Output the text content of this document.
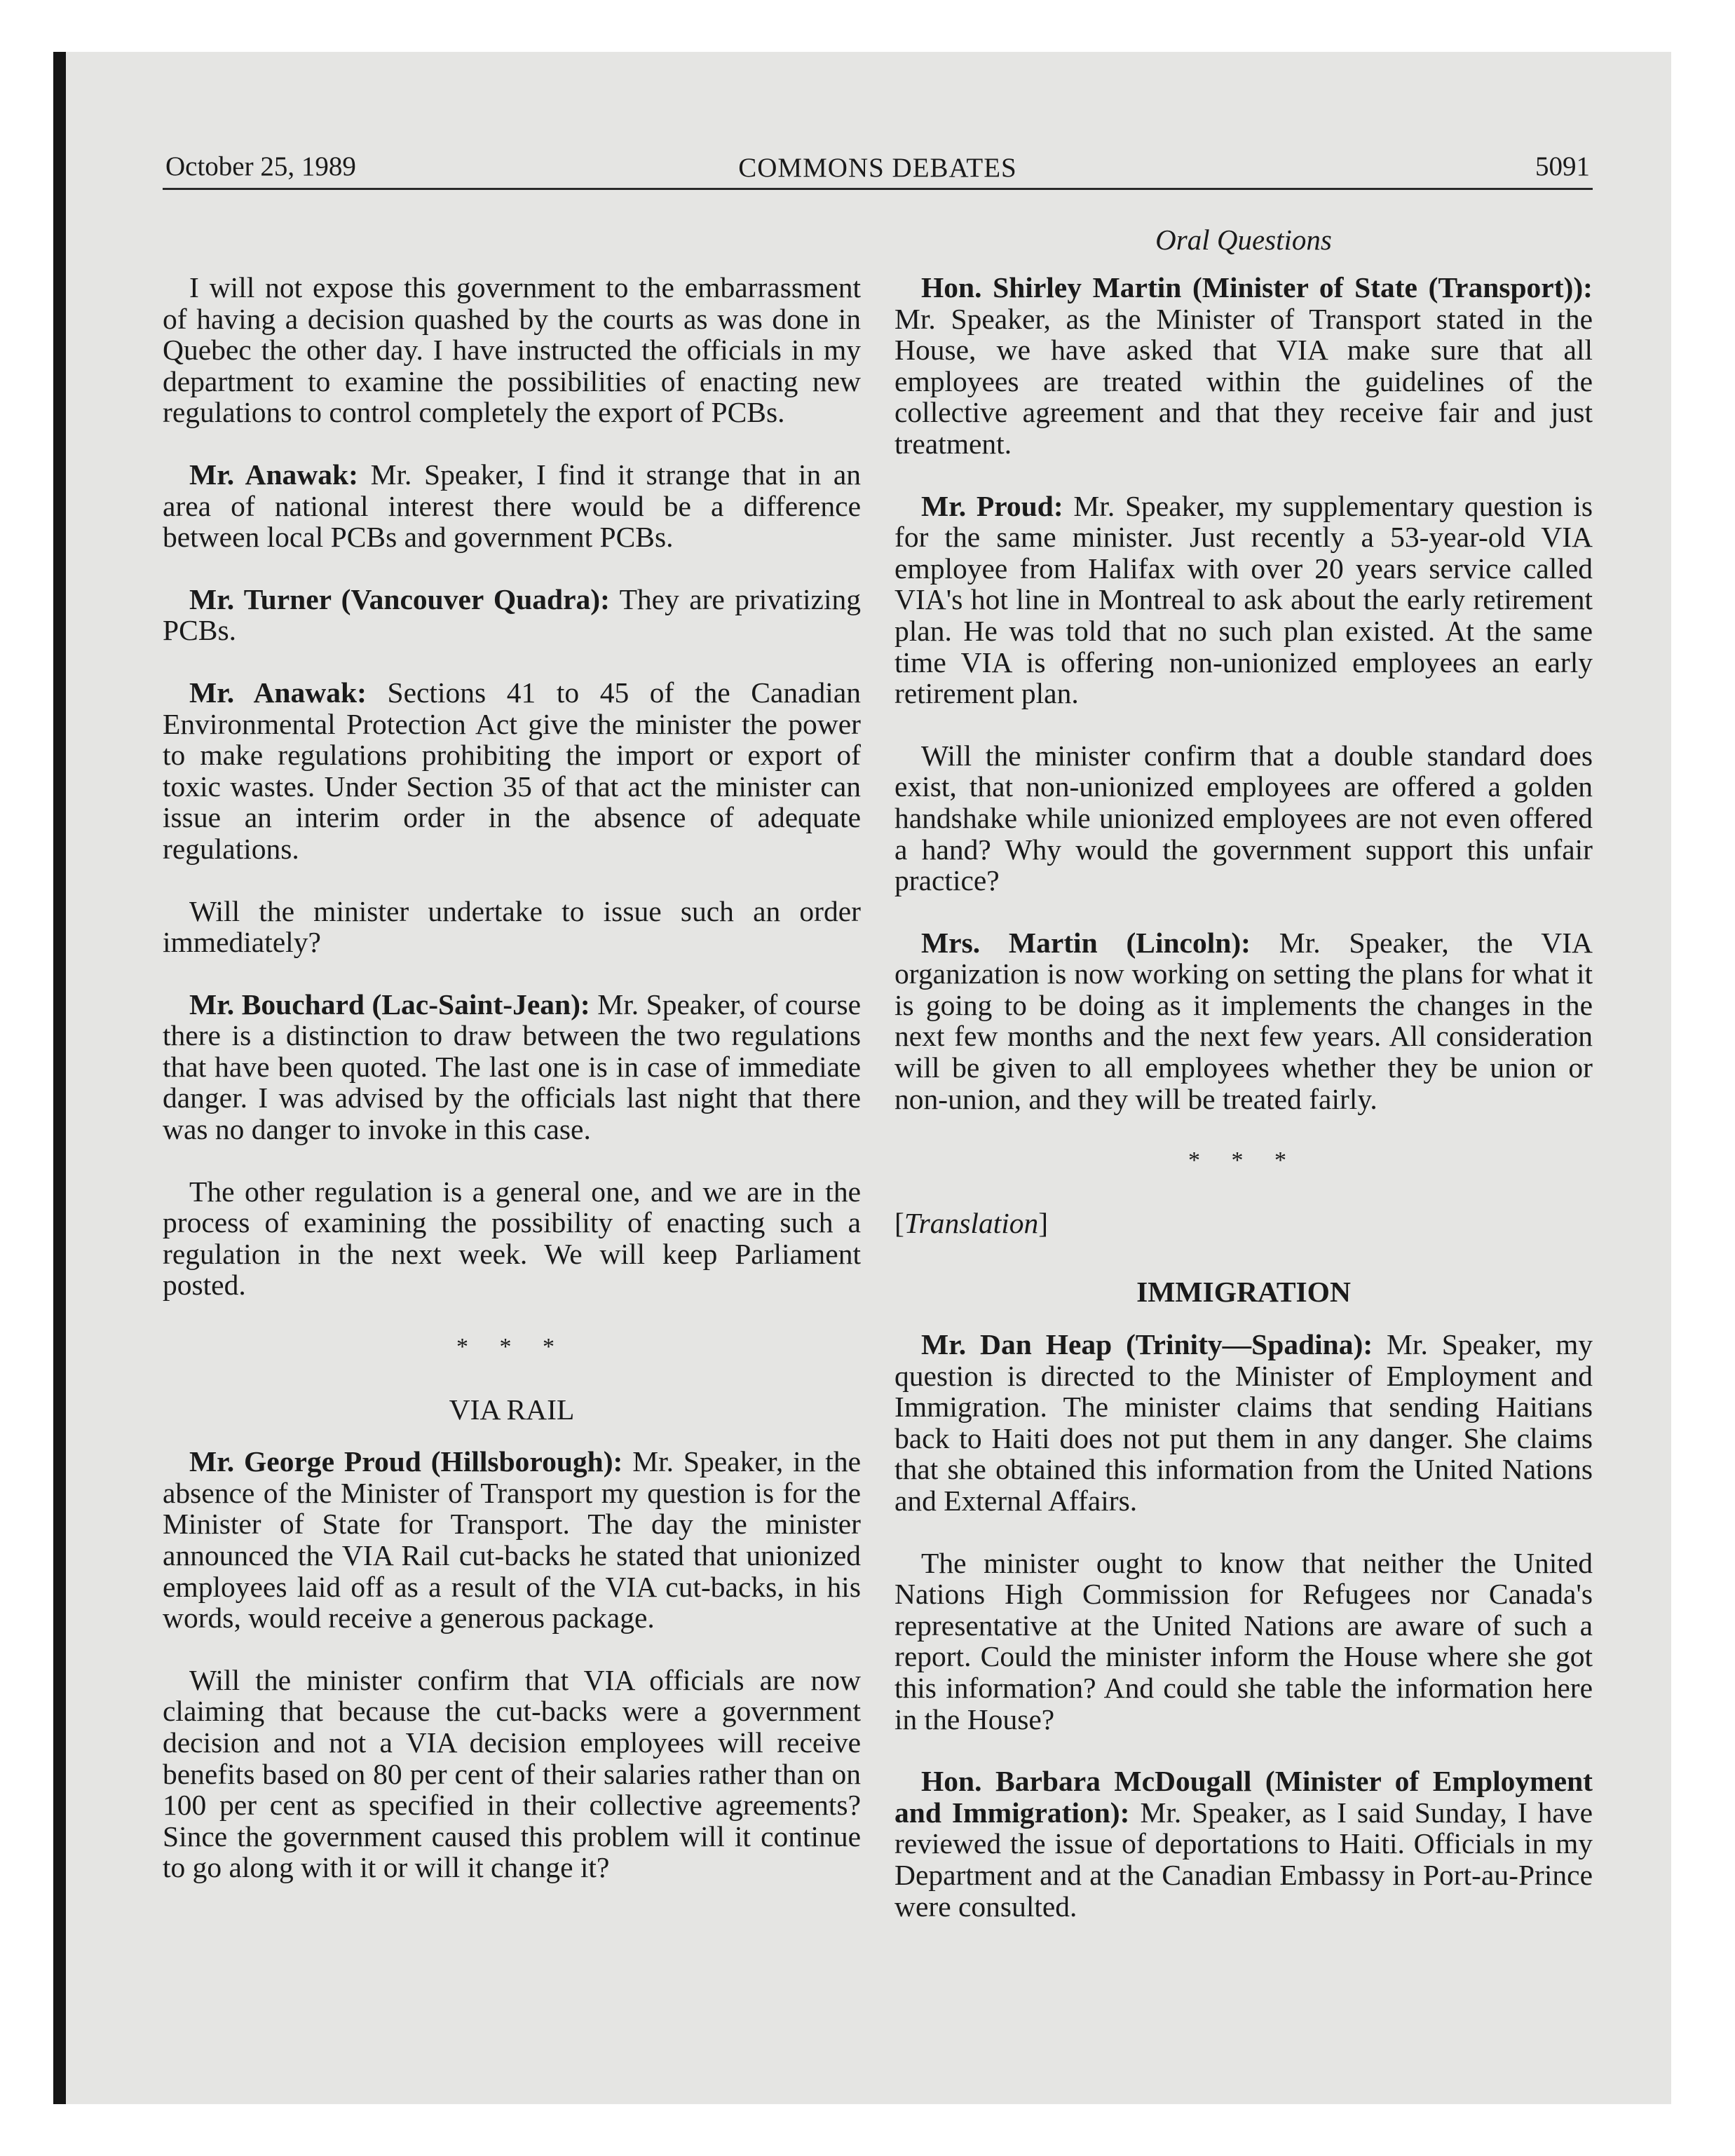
October 25, 1989	COMMONS DEBATES	5091
Oral Questions

I will not expose this government to the embarrassment of having a decision quashed by the courts as was done in Quebec the other day. I have instructed the officials in my department to examine the possibilities of enacting new regulations to control completely the export of PCBs.

Mr. Anawak: Mr. Speaker, I find it strange that in an area of national interest there would be a difference between local PCBs and government PCBs.

Mr. Turner (Vancouver Quadra): They are privatizing PCBs.

Mr. Anawak: Sections 41 to 45 of the Canadian Environmental Protection Act give the minister the power to make regulations prohibiting the import or export of toxic wastes. Under Section 35 of that act the minister can issue an interim order in the absence of adequate regulations.

Will the minister undertake to issue such an order immediately?

Mr. Bouchard (Lac-Saint-Jean): Mr. Speaker, of course there is a distinction to draw between the two regulations that have been quoted. The last one is in case of immediate danger. I was advised by the officials last night that there was no danger to invoke in this case.

The other regulation is a general one, and we are in the process of examining the possibility of enacting such a regulation in the next week. We will keep Parliament posted.

* * *
VIA RAIL

Mr. George Proud (Hillsborough): Mr. Speaker, in the absence of the Minister of Transport my question is for the Minister of State for Transport. The day the minister announced the VIA Rail cut-backs he stated that unionized employees laid off as a result of the VIA cut-backs, in his words, would receive a generous package.

Will the minister confirm that VIA officials are now claiming that because the cut-backs were a government decision and not a VIA decision employees will receive benefits based on 80 per cent of their salaries rather than on 100 per cent as specified in their collective agreements? Since the government caused this problem will it continue to go along with it or will it change it?

Hon. Shirley Martin (Minister of State (Transport)): Mr. Speaker, as the Minister of Transport stated in the House, we have asked that VIA make sure that all employees are treated within the guidelines of the collective agreement and that they receive fair and just treatment.

Mr. Proud: Mr. Speaker, my supplementary question is for the same minister. Just recently a 53-year-old VIA employee from Halifax with over 20 years service called VIA's hot line in Montreal to ask about the early retirement plan. He was told that no such plan existed. At the same time VIA is offering non-unionized employees an early retirement plan.

Will the minister confirm that a double standard does exist, that non-unionized employees are offered a golden handshake while unionized employees are not even offered a hand? Why would the government support this unfair practice?

Mrs. Martin (Lincoln): Mr. Speaker, the VIA organization is now working on setting the plans for what it is going to be doing as it implements the changes in the next few months and the next few years. All consideration will be given to all employees whether they be union or non-union, and they will be treated fairly.

* * *
[Translation]
IMMIGRATION

Mr. Dan Heap (Trinity—Spadina): Mr. Speaker, my question is directed to the Minister of Employment and Immigration. The minister claims that sending Haitians back to Haiti does not put them in any danger. She claims that she obtained this information from the United Nations and External Affairs.

The minister ought to know that neither the United Nations High Commission for Refugees nor Canada's representative at the United Nations are aware of such a report. Could the minister inform the House where she got this information? And could she table the information here in the House?

Hon. Barbara McDougall (Minister of Employment and Immigration): Mr. Speaker, as I said Sunday, I have reviewed the issue of deportations to Haiti. Officials in my Department and at the Canadian Embassy in Port-au-Prince were consulted.
